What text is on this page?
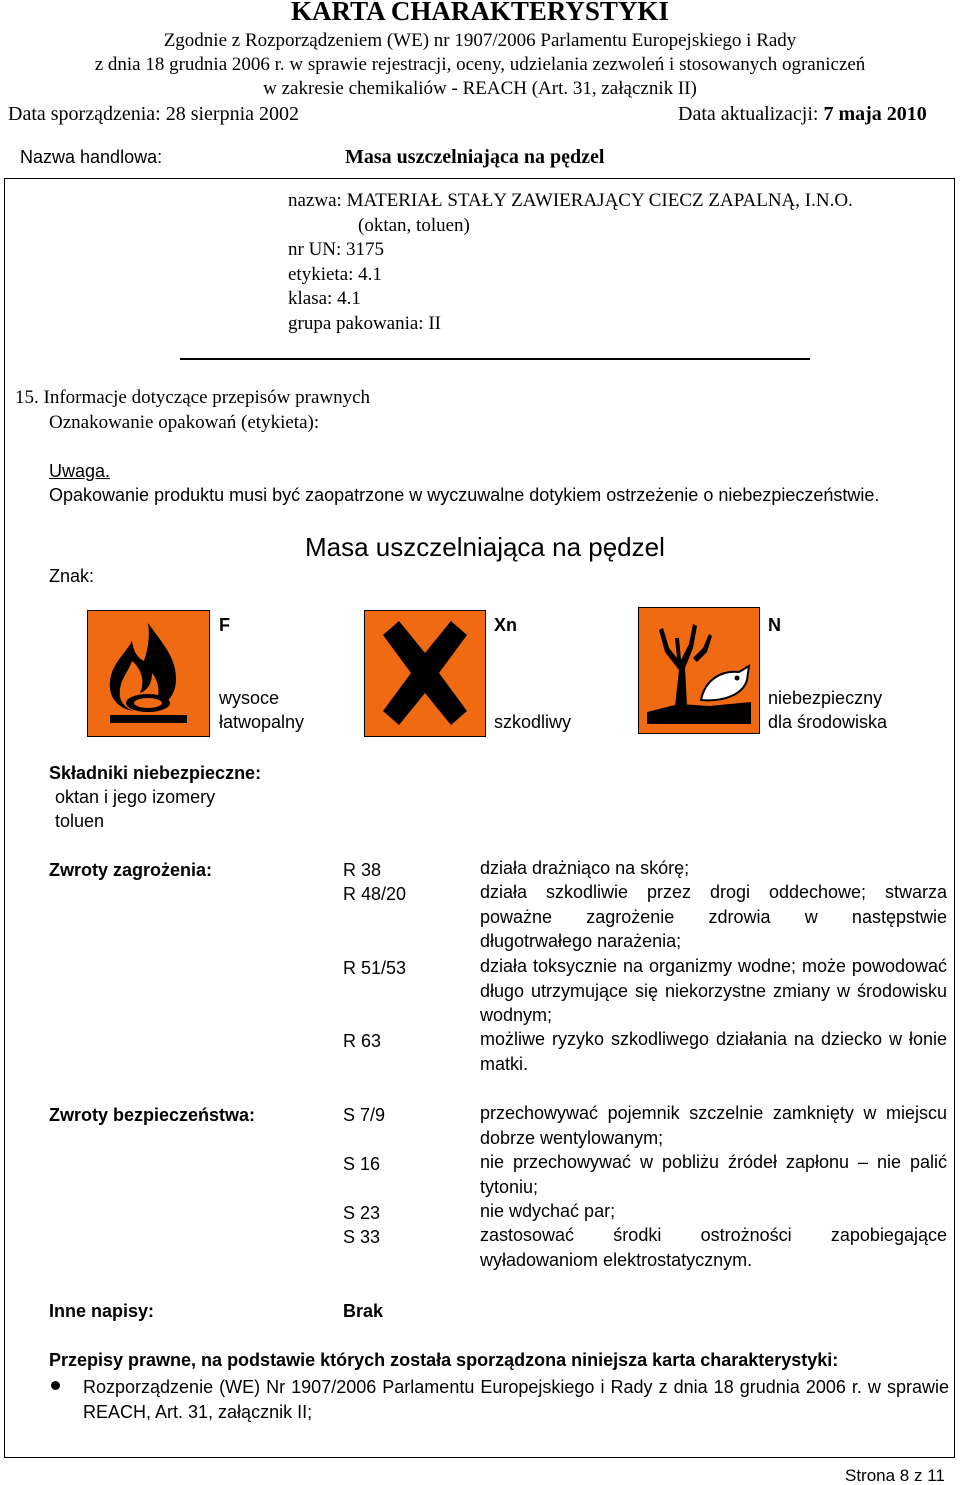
KARTA CHARAKTERYSTYKI
Zgodnie z Rozporządzeniem (WE) nr 1907/2006 Parlamentu Europejskiego i Rady
z dnia 18 grudnia 2006 r. w sprawie rejestracji, oceny, udzielania zezwoleń i stosowanych ograniczeń
w zakresie chemikaliów - REACH (Art. 31, załącznik II)
Data sporządzenia: 28 sierpnia 2002	Data aktualizacji: 7 maja 2010
Nazwa handlowa:	Masa uszczelniająca na pędzel
nazwa: MATERIAŁ STAŁY ZAWIERAJĄCY CIECZ ZAPALNĄ, I.N.O.
(oktan, toluen)
nr UN: 3175
etykieta: 4.1
klasa: 4.1
grupa pakowania: II
15. Informacje dotyczące przepisów prawnych
Oznakowanie opakowań (etykieta):
Uwaga.
Opakowanie produktu musi być zaopatrzone w wyczuwalne dotykiem ostrzeżenie o niebezpieczeństwie.
Znak:
Masa uszczelniająca na pędzel
F
wysoce
łatwopalny
Xn
szkodliwy
N
niebezpieczny
dla środowiska
Składniki niebezpieczne:
oktan i jego izomery
toluen
Zwroty zagrożenia:	R 38	działa drażniąco na skórę;
R 48/20	działa szkodliwie przez drogi oddechowe; stwarza poważne zagrożenie zdrowia w następstwie długotrwałego narażenia;
R 51/53	działa toksycznie na organizmy wodne; może powodować długo utrzymujące się niekorzystne zmiany w środowisku wodnym;
R 63	możliwe ryzyko szkodliwego działania na dziecko w łonie matki.
Zwroty bezpieczeństwa:	S 7/9	przechowywać pojemnik szczelnie zamknięty w miejscu dobrze wentylowanym;
S 16	nie przechowywać w pobliżu źródeł zapłonu – nie palić tytoniu;
S 23	nie wdychać par;
S 33	zastosować środki ostrożności zapobiegające wyładowaniom elektrostatycznym.
Inne napisy:	Brak
Przepisy prawne, na podstawie których została sporządzona niniejsza karta charakterystyki:
Rozporządzenie (WE) Nr 1907/2006 Parlamentu Europejskiego i Rady z dnia 18 grudnia 2006 r. w sprawie REACH, Art. 31, załącznik II;
Strona 8 z 11
